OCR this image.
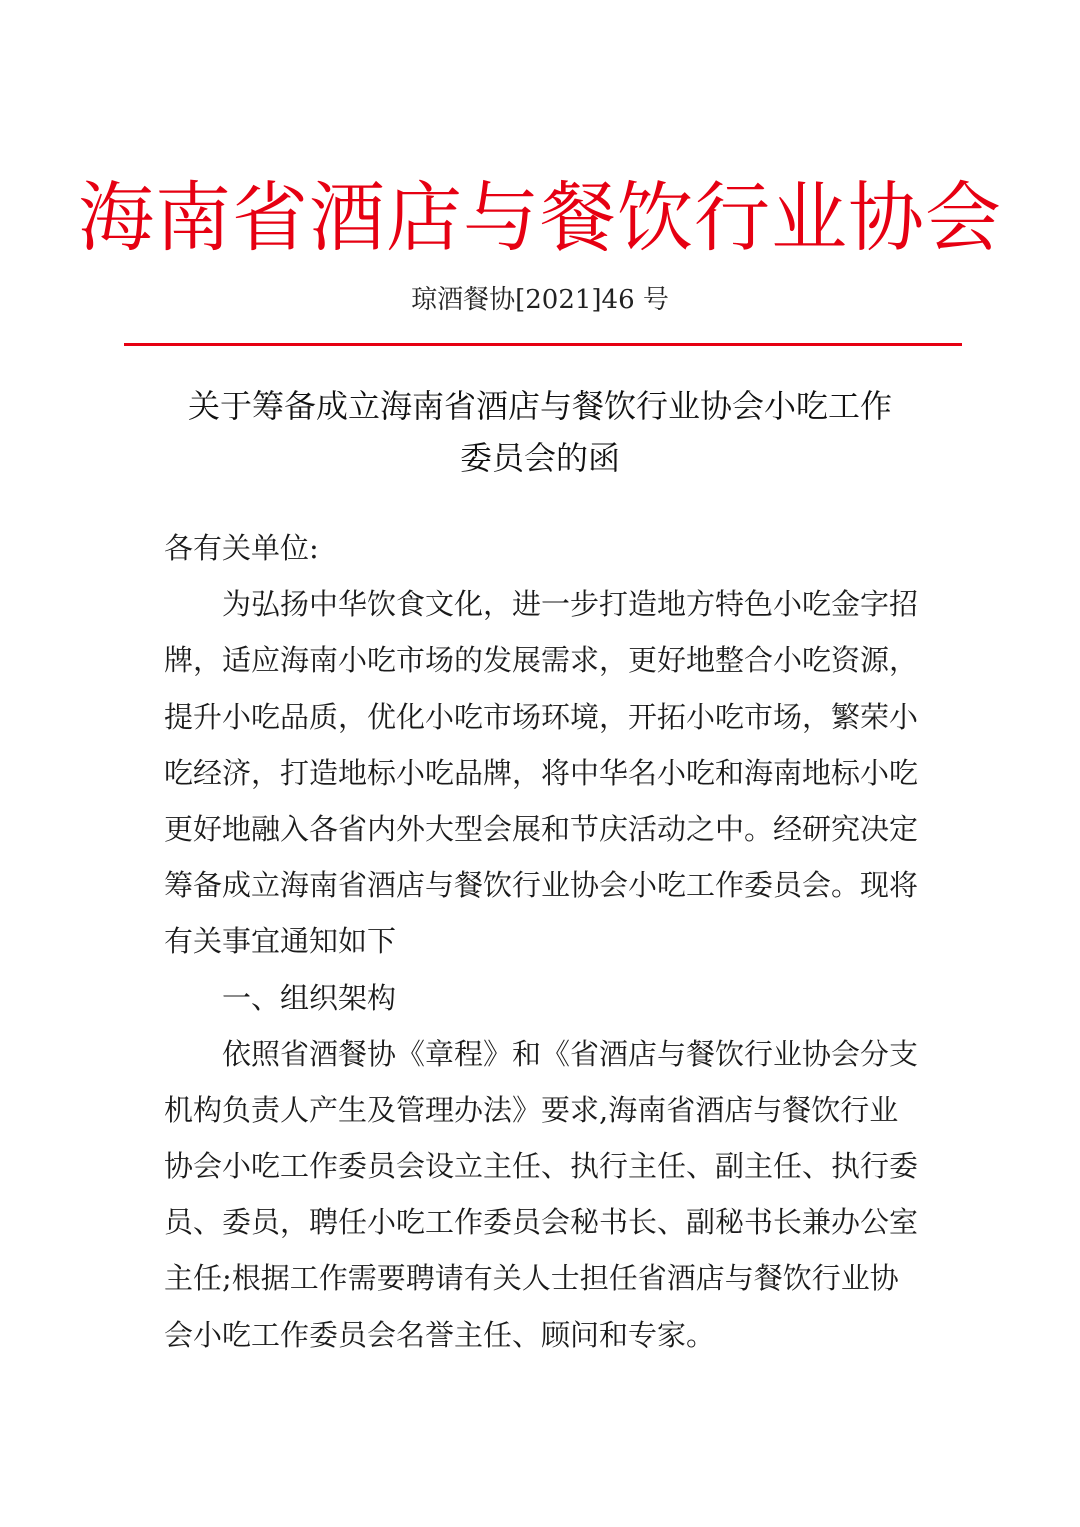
海南省酒店与餐饮行业协会
琼酒餐协[2021]46 号
关于筹备成立海南省酒店与餐饮行业协会小吃工作
委员会的函
各有关单位:
为弘扬中华饮食文化，进一步打造地方特色小吃金字招
牌，适应海南小吃市场的发展需求，更好地整合小吃资源，
提升小吃品质，优化小吃市场环境，开拓小吃市场，繁荣小
吃经济，打造地标小吃品牌，将中华名小吃和海南地标小吃
更好地融入各省内外大型会展和节庆活动之中。经研究决定
筹备成立海南省酒店与餐饮行业协会小吃工作委员会。现将
有关事宜通知如下
一、组织架构
依照省酒餐协《章程》和《省酒店与餐饮行业协会分支
机构负责人产生及管理办法》要求,海南省酒店与餐饮行业
协会小吃工作委员会设立主任、执行主任、副主任、执行委
员、委员，聘任小吃工作委员会秘书长、副秘书长兼办公室
主任;根据工作需要聘请有关人士担任省酒店与餐饮行业协
会小吃工作委员会名誉主任、顾问和专家。
